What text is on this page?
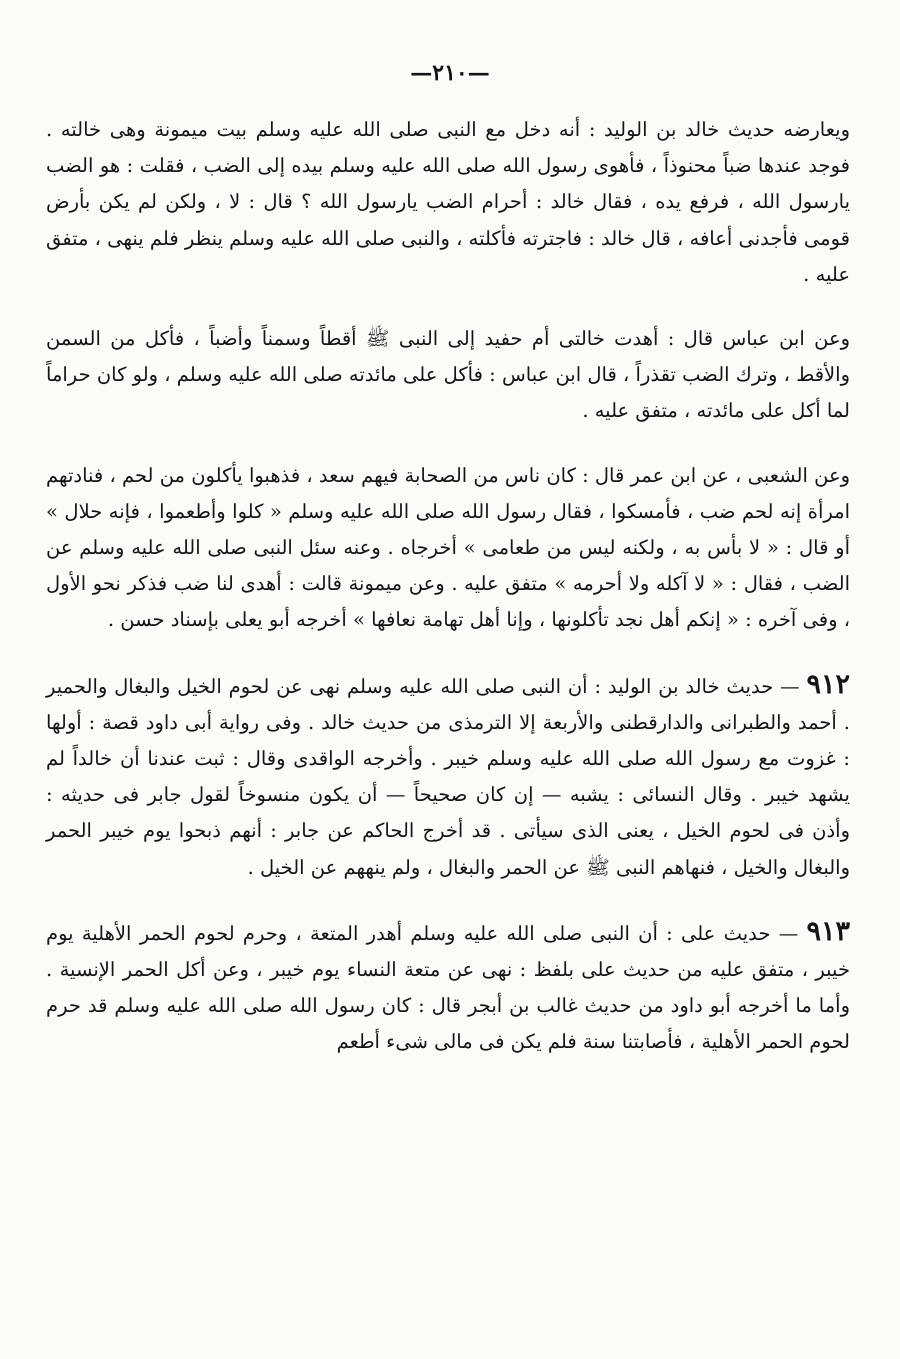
—٢١٠—

ويعارضه حديث خالد بن الوليد : أنه دخل مع النبى صلى الله عليه وسلم بيت ميمونة وهى خالته . فوجد عندها ضباً محنوذاً ، فأهوى رسول الله صلى الله عليه وسلم بيده إلى الضب ، فقلت : هو الضب يارسول الله ، فرفع يده ، فقال خالد : أحرام الضب يارسول الله ؟ قال : لا ، ولكن لم يكن بأرض قومى فأجدنى أعافه ، قال خالد : فاجترته فأكلته ، والنبى صلى الله عليه وسلم ينظر فلم ينهى ، متفق عليه .

وعن ابن عباس قال : أهدت خالتى أم حفيد إلى النبى ﷺ أقطاً وسمناً وأضباً ، فأكل من السمن والأقط ، وترك الضب تقذراً ، قال ابن عباس : فأكل على مائدته صلى الله عليه وسلم ، ولو كان حراماً لما أكل على مائدته ، متفق عليه .

وعن الشعبى ، عن ابن عمر قال : كان ناس من الصحابة فيهم سعد ، فذهبوا يأكلون من لحم ، فنادتهم امرأة إنه لحم ضب ، فأمسكوا ، فقال رسول الله صلى الله عليه وسلم « كلوا وأطعموا ، فإنه حلال » أو قال : « لا بأس به ، ولكنه ليس من طعامى » أخرجاه . وعنه سئل النبى صلى الله عليه وسلم عن الضب ، فقال : « لا آكله ولا أحرمه » متفق عليه . وعن ميمونة قالت : أهدى لنا ضب فذكر نحو الأول ، وفى آخره : « إنكم أهل نجد تأكلونها ، وإنا أهل تهامة نعافها » أخرجه أبو يعلى بإسناد حسن .

٩١٢ — حديث خالد بن الوليد : أن النبى صلى الله عليه وسلم نهى عن لحوم الخيل والبغال والحمير . أحمد والطبرانى والدارقطنى والأربعة إلا الترمذى من حديث خالد . وفى رواية أبى داود قصة : أولها : غزوت مع رسول الله صلى الله عليه وسلم خيبر . وأخرجه الواقدى وقال : ثبت عندنا أن خالداً لم يشهد خيبر . وقال النسائى : يشبه — إن كان صحيحاً — أن يكون منسوخاً لقول جابر فى حديثه : وأذن فى لحوم الخيل ، يعنى الذى سيأتى . قد أخرج الحاكم عن جابر : أنهم ذبحوا يوم خيبر الحمر والبغال والخيل ، فنهاهم النبى ﷺ عن الحمر والبغال ، ولم ينههم عن الخيل .

٩١٣ — حديث على : أن النبى صلى الله عليه وسلم أهدر المتعة ، وحرم لحوم الحمر الأهلية يوم خيبر ، متفق عليه من حديث على بلفظ : نهى عن متعة النساء يوم خيبر ، وعن أكل الحمر الإنسية . وأما ما أخرجه أبو داود من حديث غالب بن أبجر قال : كان رسول الله صلى الله عليه وسلم قد حرم لحوم الحمر الأهلية ، فأصابتنا سنة فلم يكن فى مالى شىء أطعم
